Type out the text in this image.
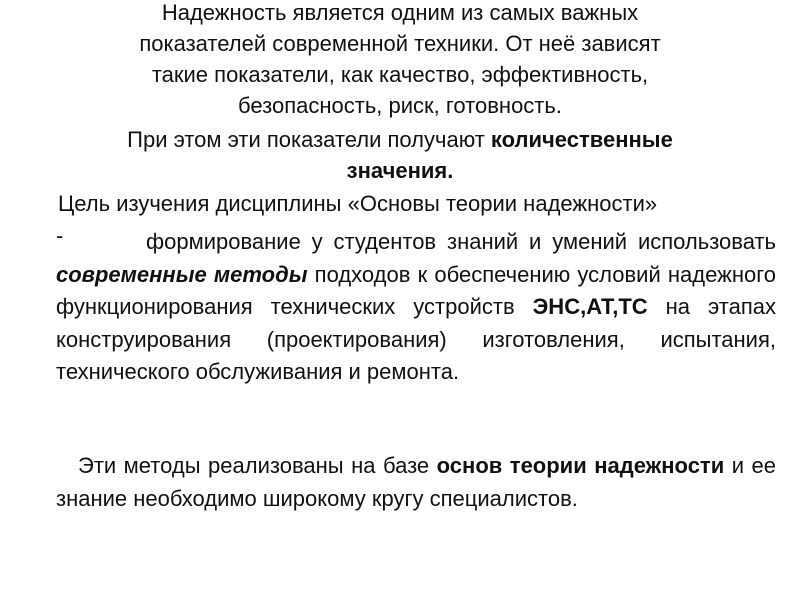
Надежность является одним из самых важных
показателей современной техники. От неё зависят
такие показатели, как качество, эффективность,
безопасность, риск, готовность.
При этом эти показатели получают количественные
значения.
Цель изучения дисциплины «Основы теории надежности»
-	формирование у студентов знаний и умений использовать современные методы подходов к обеспечению условий надежного функционирования технических устройств ЭНС,АТ,ТС на этапах конструирования (проектирования) изготовления, испытания, технического обслуживания и ремонта.
Эти методы реализованы на базе основ теории надежности и ее знание необходимо широкому кругу специалистов.
